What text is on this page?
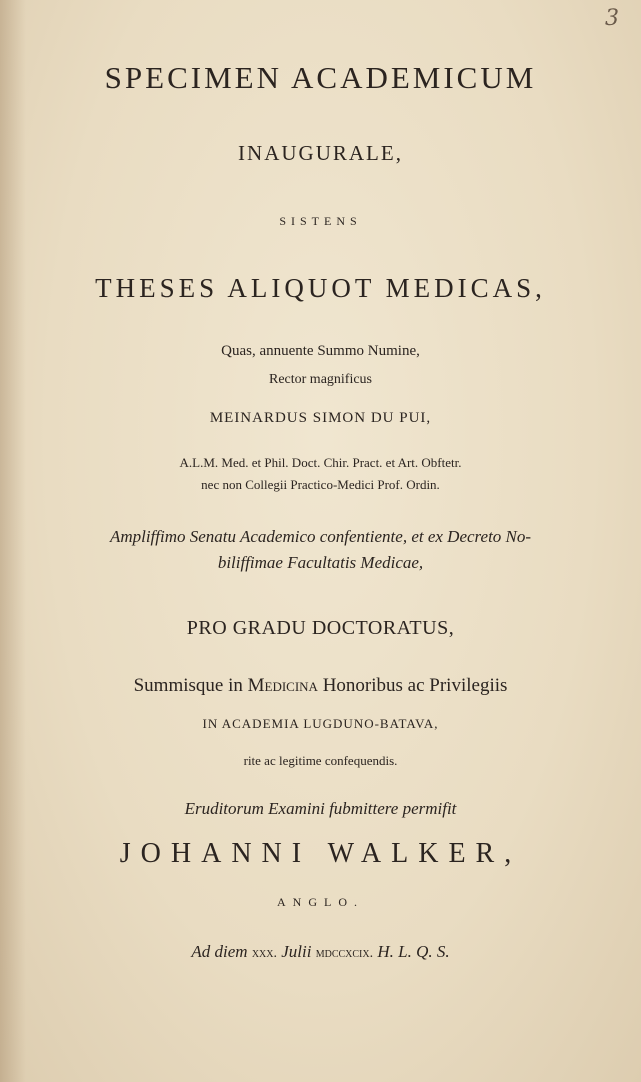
3
SPECIMEN ACADEMICUM
INAUGURALE,
SISTENS
THESES ALIQUOT MEDICAS,
Quas, annuente Summo Numine,
Rector magnificus
MEINARDUS SIMON DU PUI,
A.L.M. Med. et Phil. Doct. Chir. Pract. et Art. Obftetr.
nec non Collegii Practico-Medici Prof. Ordin.
Ampliffimo Senatu Academico confentiente, et ex Decreto No-
biliffimae Facultatis Medicae,
PRO GRADU DOCTORATUS,
Summisque in Medicina Honoribus ac Privilegiis
IN ACADEMIA LUGDUNO-BATAVA,
rite ac legitime confequendis.
Eruditorum Examini fubmittere permifit
JOHANNI WALKER,
ANGLO.
Ad diem xxx. Julii mdccxcix. H. L. Q. S.
